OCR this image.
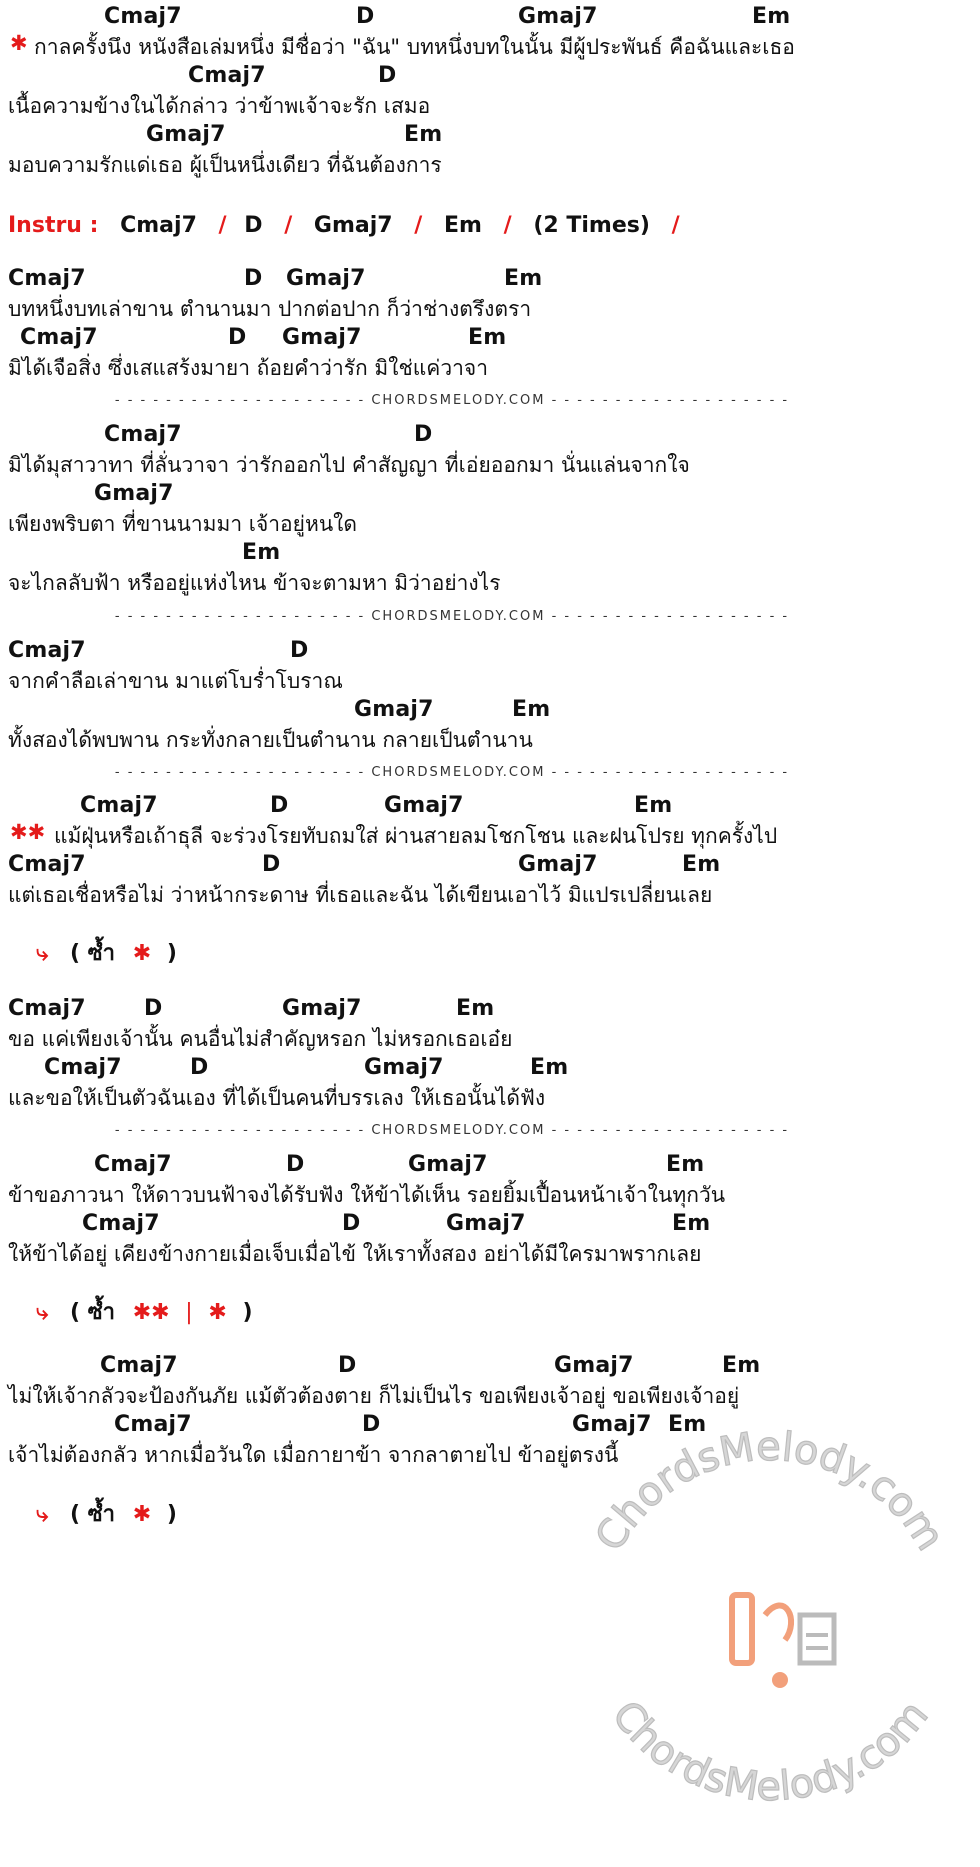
Cmaj7	D	Gmaj7	Em
✱ กาลครั้งนึง หนังสือเล่มหนึ่ง มีชื่อว่า "ฉัน" บทหนึ่งบทในนั้น มีผู้ประพันธ์ คือฉันและเธอ
Cmaj7	D
เนื้อความข้างในได้กล่าว ว่าข้าพเจ้าจะรัก เสมอ
Gmaj7	Em
มอบความรักแด่เธอ ผู้เป็นหนึ่งเดียว ที่ฉันต้องการ
Instru : Cmaj7 / D / Gmaj7 / Em / (2 Times) /
Cmaj7	D Gmaj7	Em
บทหนึ่งบทเล่าขาน ตำนานมา ปากต่อปาก ก็ว่าช่างตรึงตรา
Cmaj7	D Gmaj7	Em
มิได้เจือสิ่ง ซึ่งเสแสร้งมายา ถ้อยคำว่ารัก มิใช่แค่วาจา
- - - - - - - - - - - - - - - - - - - - CHORDSMELODY.COM - - - - - - - - - - - - - - - - - - -
Cmaj7	D
มิได้มุสาวาทา ที่ลั่นวาจา ว่ารักออกไป คำสัญญา ที่เอ่ยออกมา นั่นแล่นจากใจ
Gmaj7
เพียงพริบตา ที่ขานนามมา เจ้าอยู่หนใด
Em
จะไกลลับฟ้า หรืออยู่แห่งไหน ข้าจะตามหา มิว่าอย่างไร
- - - - - - - - - - - - - - - - - - - - CHORDSMELODY.COM - - - - - - - - - - - - - - - - - - -
Cmaj7	D
จากคำลือเล่าขาน มาแต่โบร่ำโบราณ
Gmaj7	Em
ทั้งสองได้พบพาน กระทั่งกลายเป็นตำนาน กลายเป็นตำนาน
- - - - - - - - - - - - - - - - - - - - CHORDSMELODY.COM - - - - - - - - - - - - - - - - - - -
Cmaj7	D	Gmaj7	Em
✱✱ แม้ฝุ่นหรือเถ้าธุลี จะร่วงโรยทับถมใส่ ผ่านสายลมโชกโชน และฝนโปรย ทุกครั้งไป
Cmaj7	D	Gmaj7	Em
แต่เธอเชื่อหรือไม่ ว่าหน้ากระดาษ ที่เธอและฉัน ได้เขียนเอาไว้ มิแปรเปลี่ยนเลย
⤷ ( ซ้ำ ✱ )
Cmaj7	D	Gmaj7	Em
ขอ แค่เพียงเจ้านั้น คนอื่นไม่สำคัญหรอก ไม่หรอกเธอเอ๋ย
Cmaj7	D	Gmaj7	Em
และขอให้เป็นตัวฉันเอง ที่ได้เป็นคนที่บรรเลง ให้เธอนั้นได้ฟัง
- - - - - - - - - - - - - - - - - - - - CHORDSMELODY.COM - - - - - - - - - - - - - - - - - - -
Cmaj7	D	Gmaj7	Em
ข้าขอภาวนา ให้ดาวบนฟ้าจงได้รับฟัง ให้ข้าได้เห็น รอยยิ้มเปื้อนหน้าเจ้าในทุกวัน
Cmaj7	D	Gmaj7	Em
ให้ข้าได้อยู่ เคียงข้างกายเมื่อเจ็บเมื่อไข้ ให้เราทั้งสอง อย่าได้มีใครมาพรากเลย
⤷ ( ซ้ำ ✱✱ | ✱ )
ChordsMelody.com
ChordsMelody.com
Cmaj7	D	Gmaj7	Em
ไม่ให้เจ้ากลัวจะป้องกันภัย แม้ตัวต้องตาย ก็ไม่เป็นไร ขอเพียงเจ้าอยู่ ขอเพียงเจ้าอยู่
Cmaj7	D	Gmaj7 Em
เจ้าไม่ต้องกลัว หากเมื่อวันใด เมื่อกายาข้า จากลาตายไป ข้าอยู่ตรงนี้
⤷ ( ซ้ำ ✱ )
